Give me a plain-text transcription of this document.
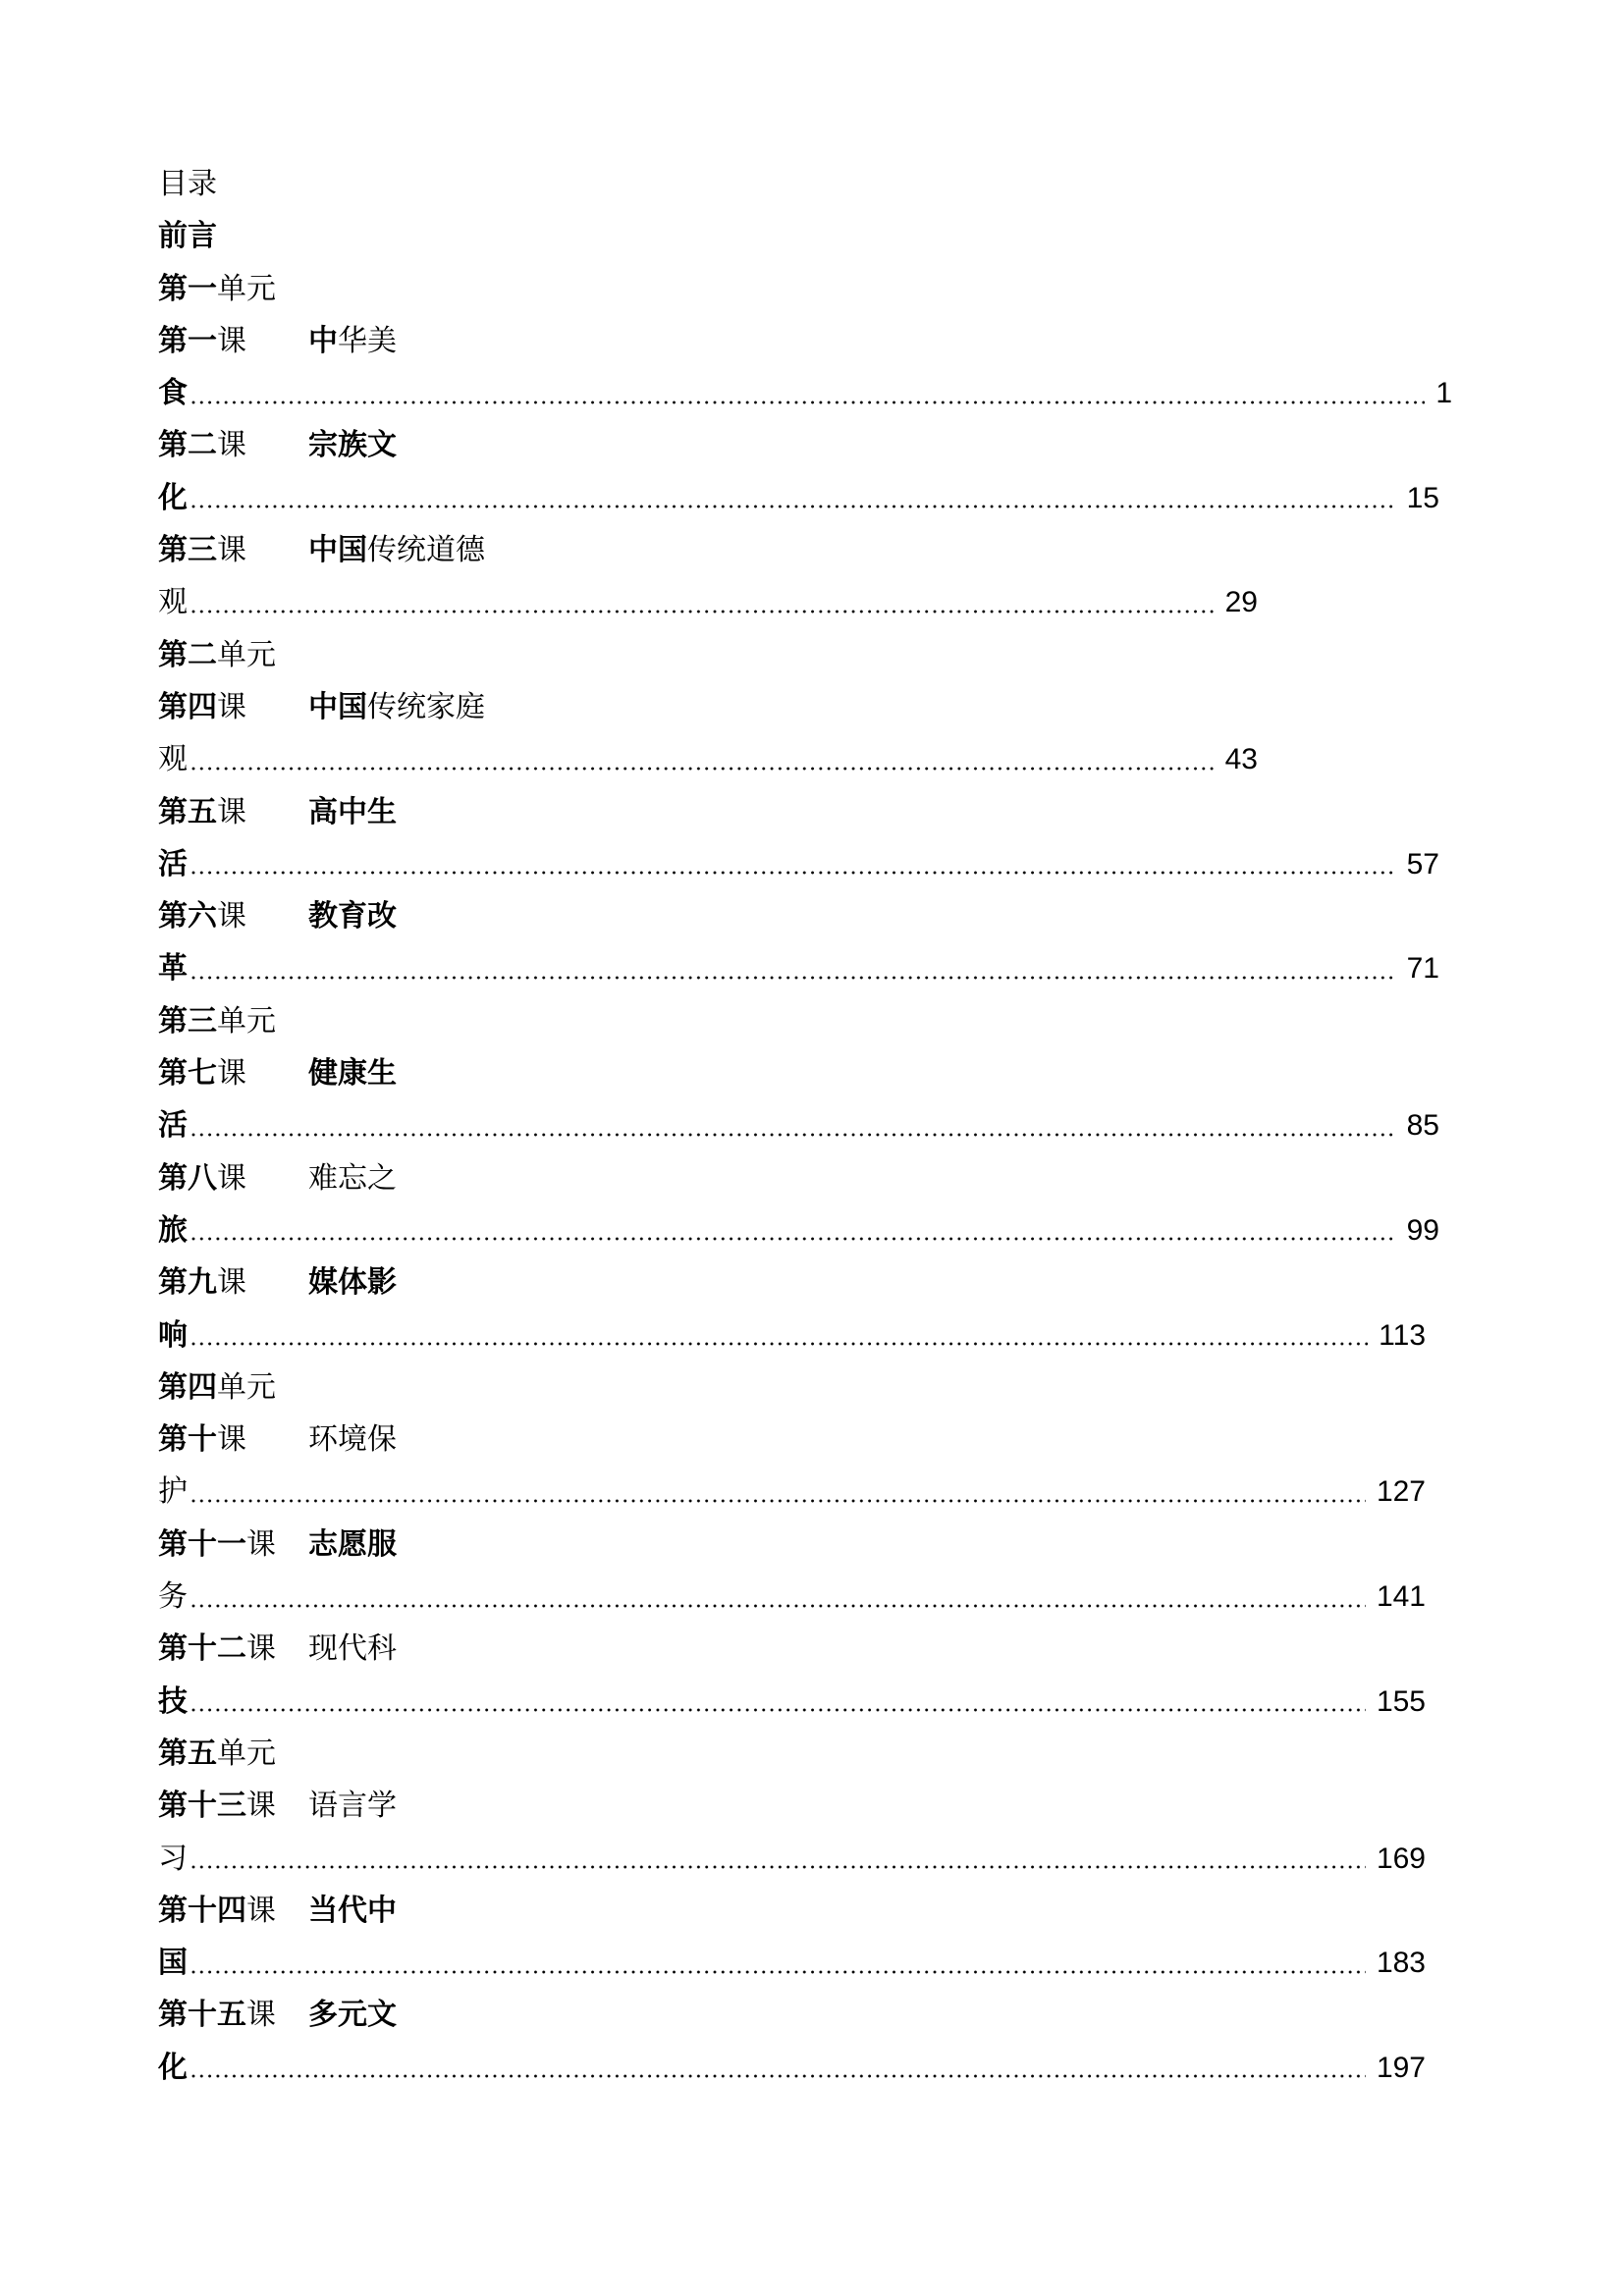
目录
前言
第一 单元
第一 课 中 华美
食	1
第二 课 宗族文
化	15
第三 课 中国 传统道德
观	29
第二 单元
第四 课 中国 传统家庭
观	43
第五 课 高中生
活	57
第六 课 教育改
革	71
第三 单元
第七 课 健康生
活	85
第八 课 难忘之
旅	99
第九 课 媒体影
响	113
第四 单元
第十 课 环境保
护	127
第十一 课 志愿服
务	141
第十二 课 现代科
技	155
第五 单元
第十三 课 语言学
习	169
第十四 课 当代中
国	183
第十五 课 多元文
化	197
